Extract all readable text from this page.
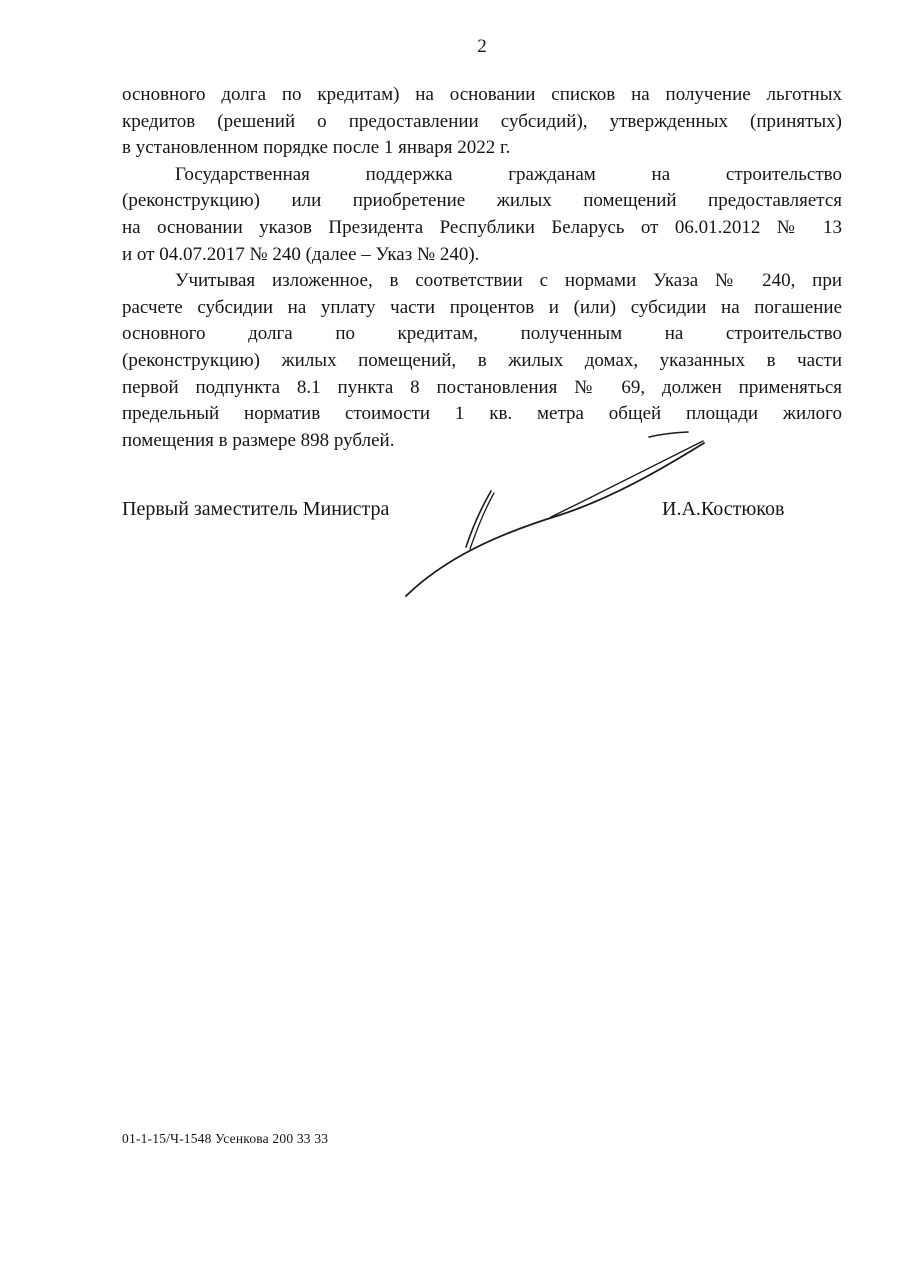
2
основного долга по кредитам) на основании списков на получение льготных
кредитов (решений о предоставлении субсидий), утвержденных (принятых)
в установленном порядке после 1 января 2022 г.
Государственная поддержка гражданам на строительство
(реконструкцию) или приобретение жилых помещений предоставляется
на основании указов Президента Республики Беларусь от 06.01.2012 № 13
и от 04.07.2017 № 240 (далее – Указ № 240).
Учитывая изложенное, в соответствии с нормами Указа № 240, при
расчете субсидии на уплату части процентов и (или) субсидии на погашение
основного долга по кредитам, полученным на строительство
(реконструкцию) жилых помещений, в жилых домах, указанных в части
первой подпункта 8.1 пункта 8 постановления № 69, должен применяться
предельный норматив стоимости 1 кв. метра общей площади жилого
помещения в размере 898 рублей.
Первый заместитель Министра	И.А.Костюков
01-1-15/Ч-1548 Усенкова 200 33 33
